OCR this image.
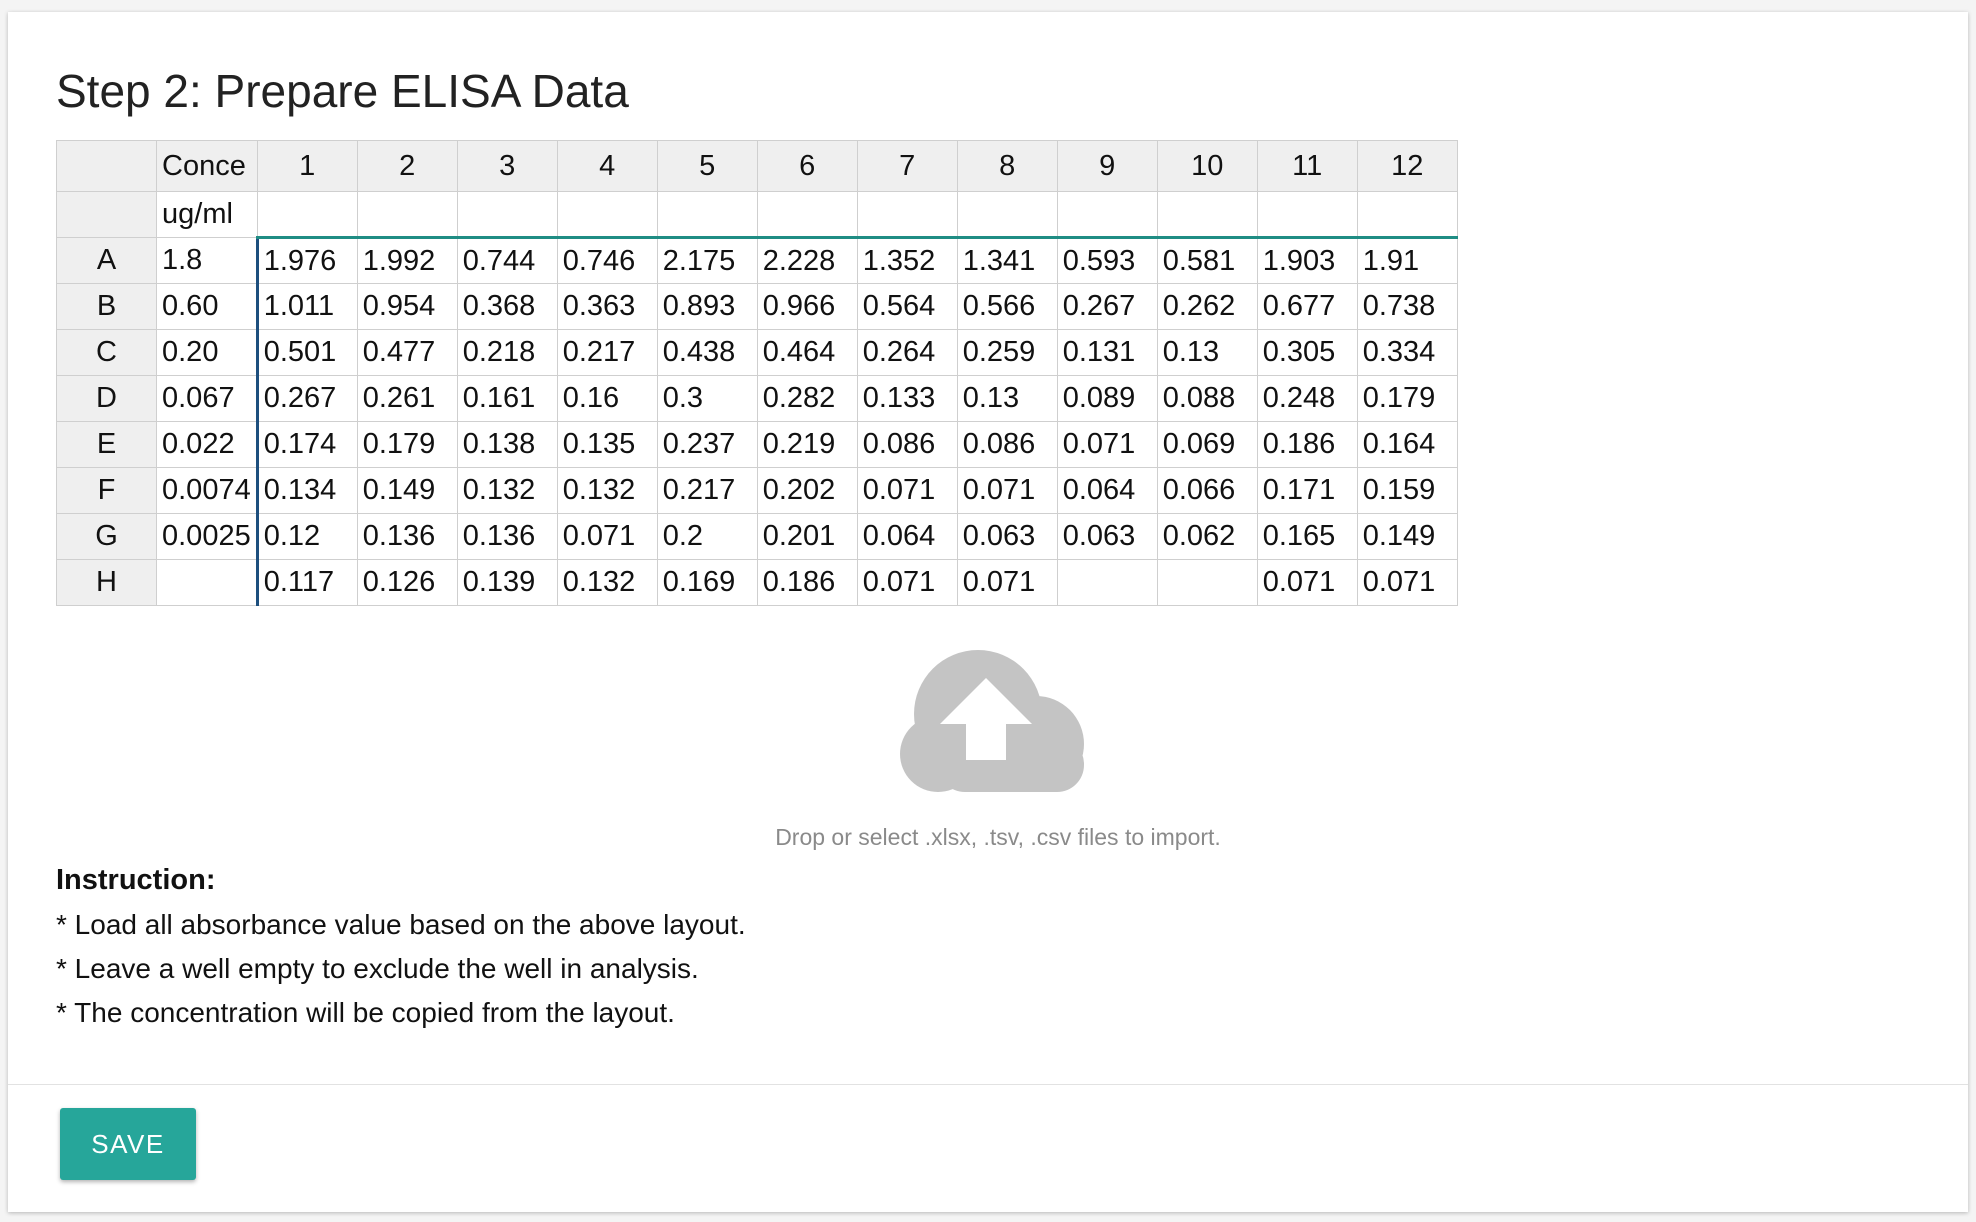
Step 2: Prepare ELISA Data
	Conce	1	2	3	4	5	6	7	8	9	10	11	12
	ug/ml												
A	1.8	1.976	1.992	0.744	0.746	2.175	2.228	1.352	1.341	0.593	0.581	1.903	1.91
B	0.60	1.011	0.954	0.368	0.363	0.893	0.966	0.564	0.566	0.267	0.262	0.677	0.738
C	0.20	0.501	0.477	0.218	0.217	0.438	0.464	0.264	0.259	0.131	0.13	0.305	0.334
D	0.067	0.267	0.261	0.161	0.16	0.3	0.282	0.133	0.13	0.089	0.088	0.248	0.179
E	0.022	0.174	0.179	0.138	0.135	0.237	0.219	0.086	0.086	0.071	0.069	0.186	0.164
F	0.0074	0.134	0.149	0.132	0.132	0.217	0.202	0.071	0.071	0.064	0.066	0.171	0.159
G	0.0025	0.12	0.136	0.136	0.071	0.2	0.201	0.064	0.063	0.063	0.062	0.165	0.149
H		0.117	0.126	0.139	0.132	0.169	0.186	0.071	0.071			0.071	0.071
Drop or select .xlsx, .tsv, .csv files to import.
Instruction:
* Load all absorbance value based on the above layout.
* Leave a well empty to exclude the well in analysis.
* The concentration will be copied from the layout.
SAVE
